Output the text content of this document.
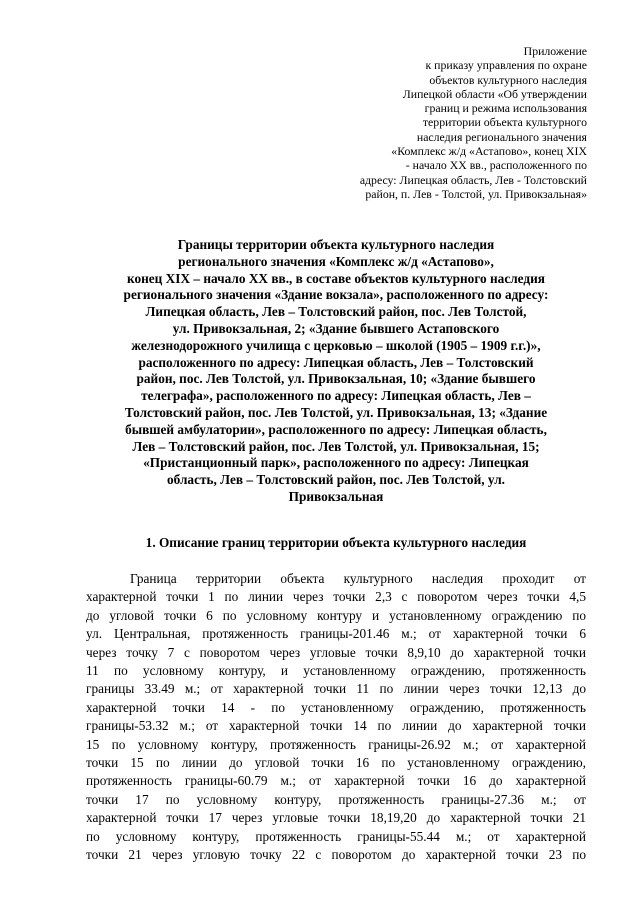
Приложение
к приказу управления по охране
объектов культурного наследия
Липецкой области «Об утверждении
границ и режима использования
территории объекта культурного
наследия регионального значения
«Комплекс ж/д «Астапово», конец XIX
- начало XX вв., расположенного по
адресу: Липецкая область, Лев - Толстовский
район, п. Лев - Толстой, ул. Привокзальная»
Границы территории объекта культурного наследия
регионального значения «Комплекс ж/д «Астапово»,
конец XIX – начало XX вв., в составе объектов культурного наследия
регионального значения «Здание вокзала», расположенного по адресу:
Липецкая область, Лев – Толстовский район, пос. Лев Толстой,
ул. Привокзальная, 2; «Здание бывшего Астаповского
железнодорожного училища с церковью – школой (1905 – 1909 г.г.)»,
расположенного по адресу: Липецкая область, Лев – Толстовский
район, пос. Лев Толстой, ул. Привокзальная, 10; «Здание бывшего
телеграфа», расположенного по адресу: Липецкая область, Лев –
Толстовский район, пос. Лев Толстой, ул. Привокзальная, 13; «Здание
бывшей амбулатории», расположенного по адресу: Липецкая область,
Лев – Толстовский район, пос. Лев Толстой, ул. Привокзальная, 15;
«Пристанционный парк», расположенного по адресу: Липецкая
область, Лев – Толстовский район, пос. Лев Толстой, ул.
Привокзальная
1. Описание границ территории объекта культурного наследия
Граница территории объекта культурного наследия проходит от
характерной точки 1 по линии через точки 2,3 с поворотом через точки 4,5
до угловой точки 6 по условному контуру и установленному ограждению по
ул. Центральная, протяженность границы-201.46 м.; от характерной точки 6
через точку 7 с поворотом через угловые точки 8,9,10 до характерной точки
11 по условному контуру, и установленному ограждению, протяженность
границы 33.49 м.; от характерной точки 11 по линии через точки 12,13 до
характерной точки 14 - по установленному ограждению, протяженность
границы-53.32 м.; от характерной точки 14 по линии до характерной точки
15 по условному контуру, протяженность границы-26.92 м.; от характерной
точки 15 по линии до угловой точки 16 по установленному ограждению,
протяженность границы-60.79 м.; от характерной точки 16 до характерной
точки 17 по условному контуру, протяженность границы-27.36 м.; от
характерной точки 17 через угловые точки 18,19,20 до характерной точки 21
по условному контуру, протяженность границы-55.44 м.; от характерной
точки 21 через угловую точку 22 с поворотом до характерной точки 23 по
